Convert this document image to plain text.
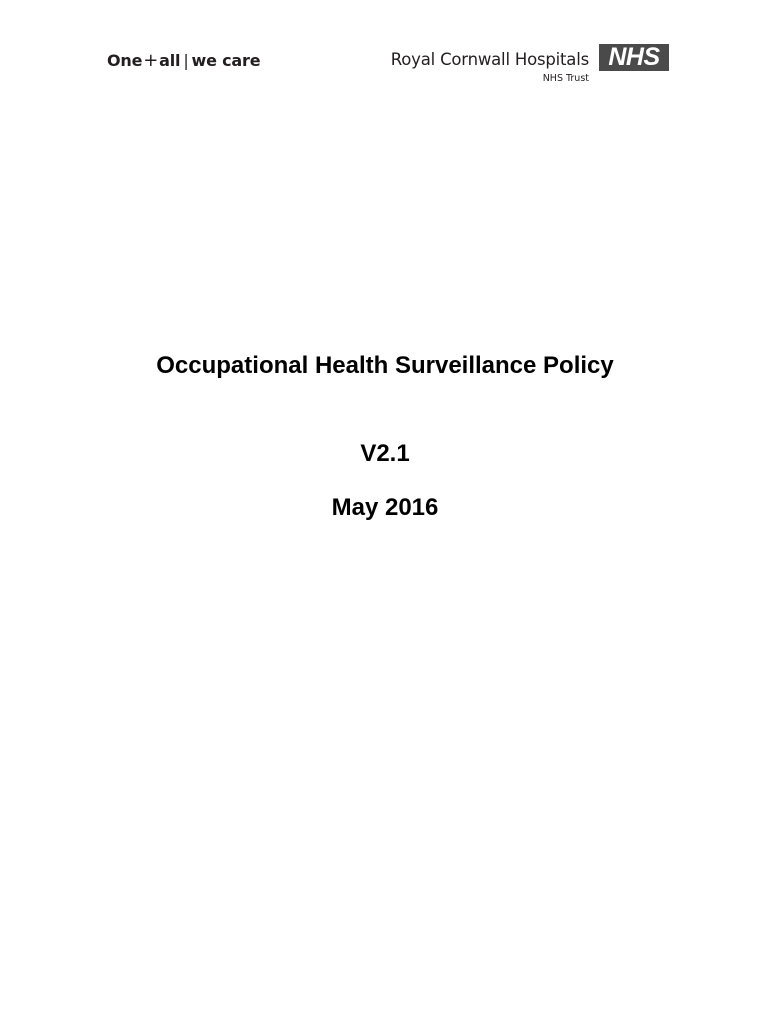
One+all | we care	Royal Cornwall Hospitals NHS
NHS Trust
Occupational Health Surveillance Policy
V2.1
May 2016
